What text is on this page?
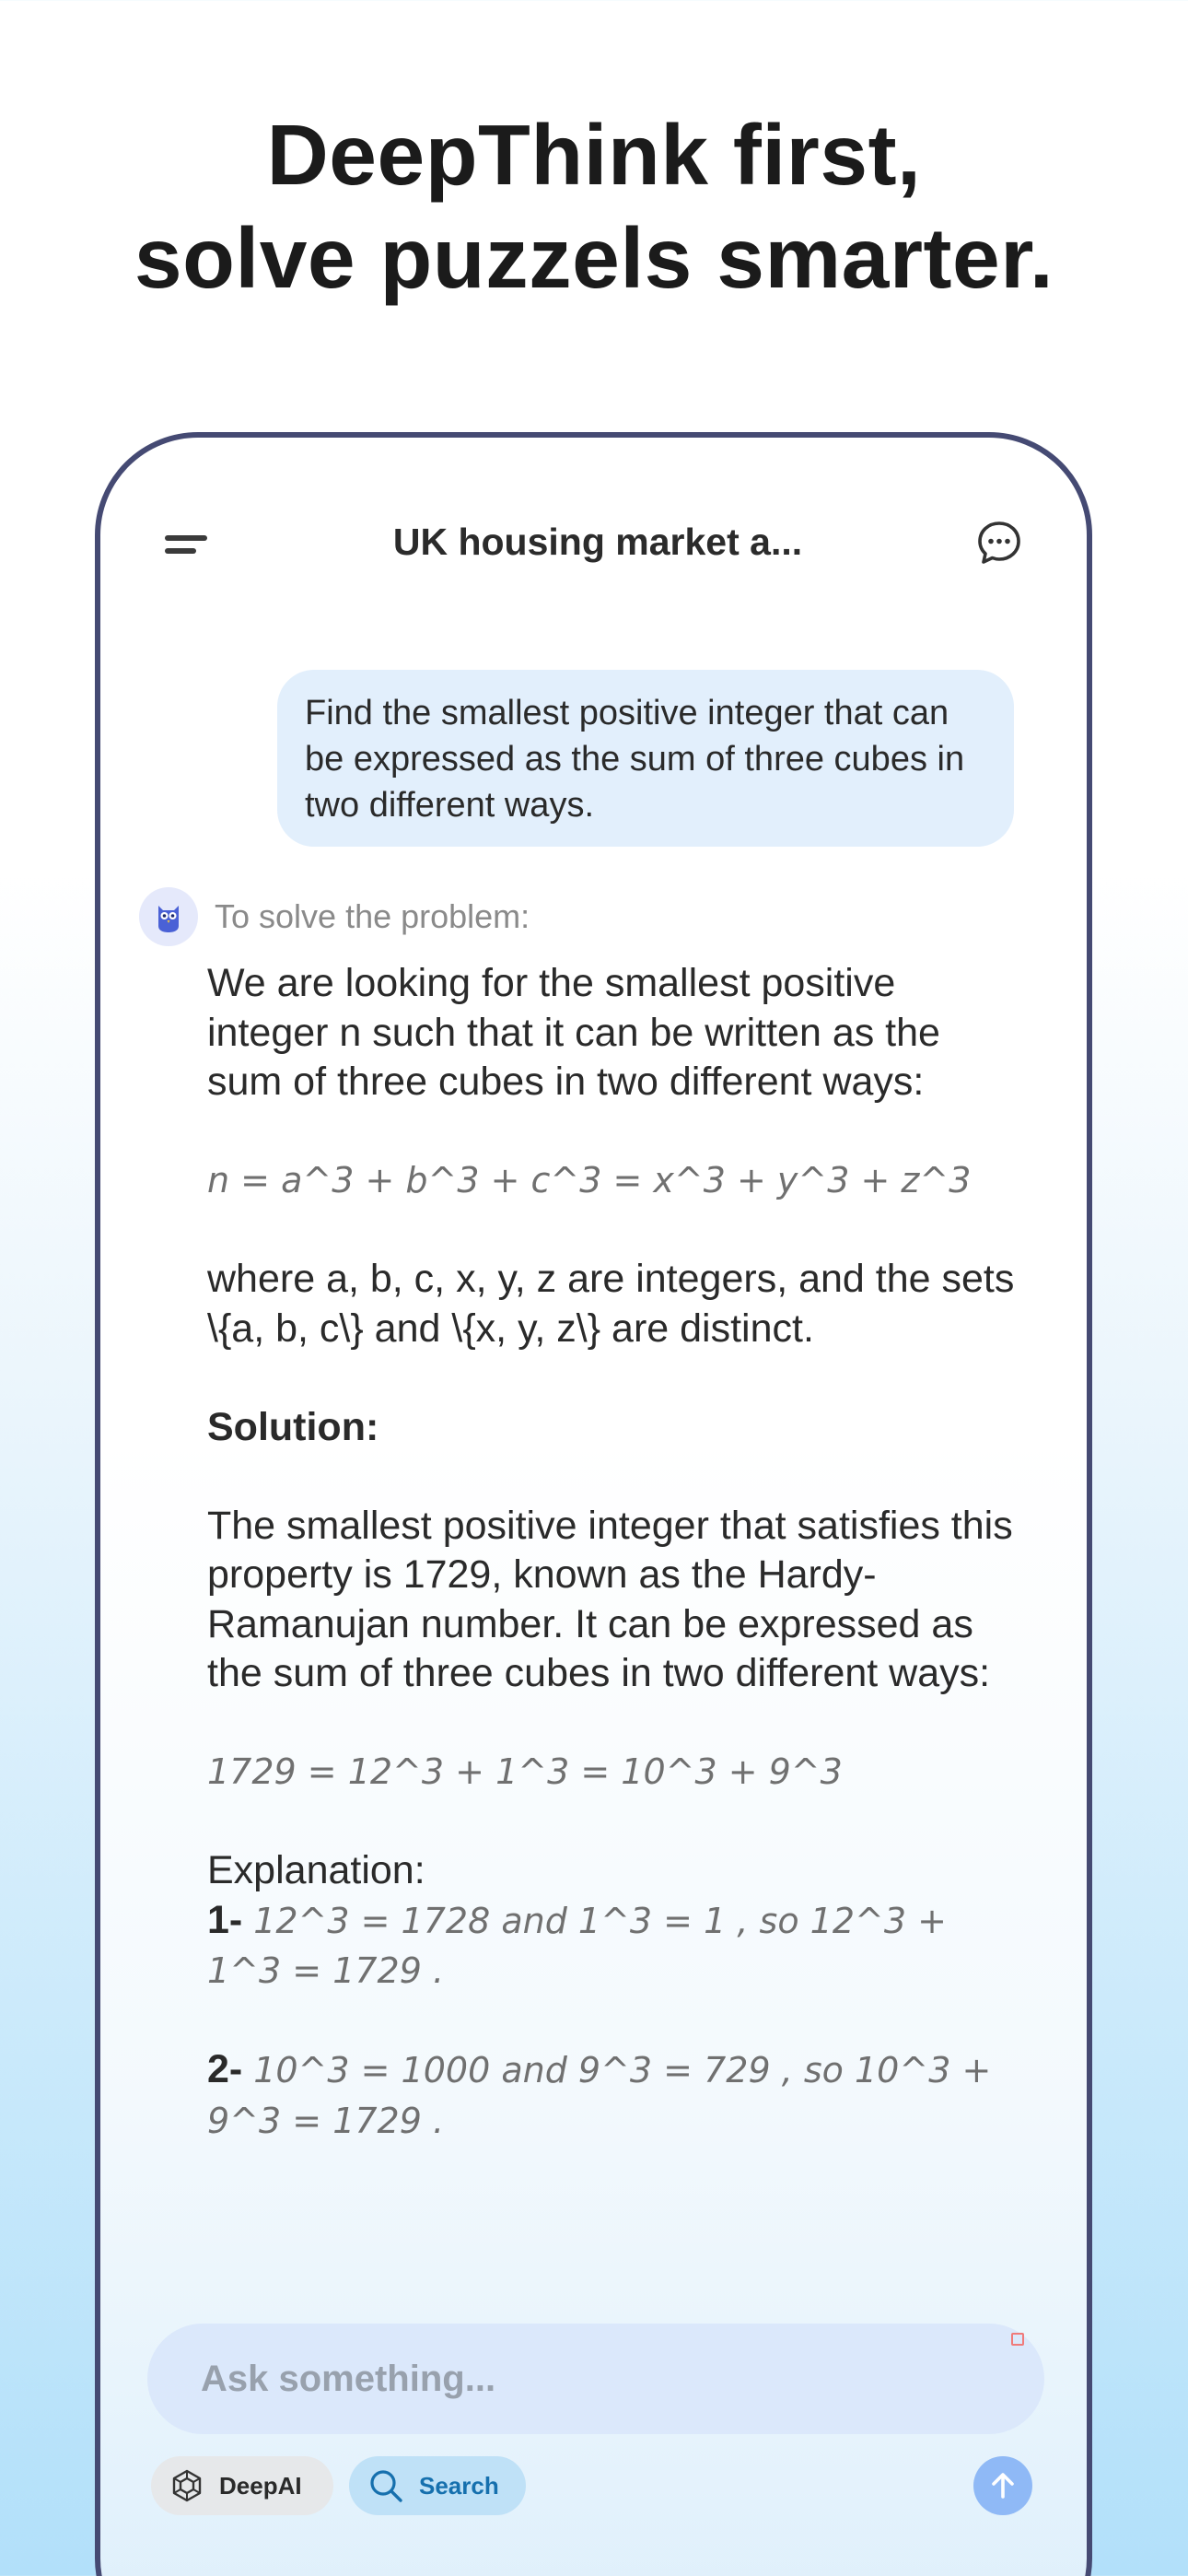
DeepThink first,
solve puzzels smarter.
UK housing market a...
Find the smallest positive integer that can be expressed as the sum of three cubes in two different ways.
To solve the problem:

We are looking for the smallest positive integer n such that it can be written as the sum of three cubes in two different ways:

n = a^3 + b^3 + c^3 = x^3 + y^3 + z^3

where a, b, c, x, y, z are integers, and the sets \{a, b, c\} and \{x, y, z\} are distinct.

Solution:

The smallest positive integer that satisfies this property is 1729, known as the Hardy-Ramanujan number. It can be expressed as the sum of three cubes in two different ways:

1729 = 12^3 + 1^3 = 10^3 + 9^3

Explanation:

1- 12^3 = 1728 and 1^3 = 1 , so 12^3 + 1^3 = 1729 .

2- 10^3 = 1000 and 9^3 = 729 , so 10^3 + 9^3 = 1729 .

Ask something...
DeepAI	Search
